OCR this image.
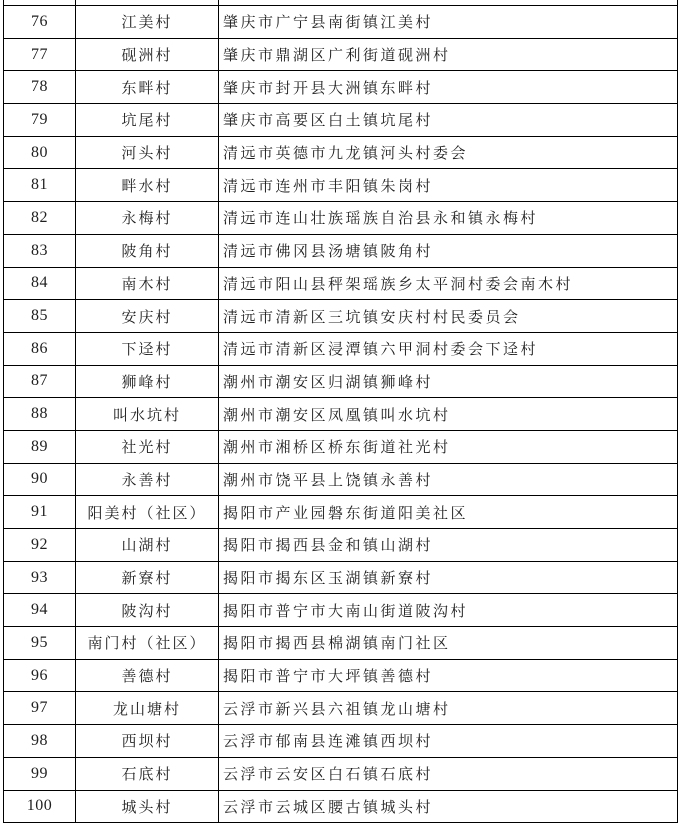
76	江美村	肇庆市广宁县南街镇江美村
77	砚洲村	肇庆市鼎湖区广利街道砚洲村
78	东畔村	肇庆市封开县大洲镇东畔村
79	坑尾村	肇庆市高要区白土镇坑尾村
80	河头村	清远市英德市九龙镇河头村委会
81	畔水村	清远市连州市丰阳镇朱岗村
82	永梅村	清远市连山壮族瑶族自治县永和镇永梅村
83	陂角村	清远市佛冈县汤塘镇陂角村
84	南木村	清远市阳山县秤架瑶族乡太平洞村委会南木村
85	安庆村	清远市清新区三坑镇安庆村村民委员会
86	下迳村	清远市清新区浸潭镇六甲洞村委会下迳村
87	狮峰村	潮州市潮安区归湖镇狮峰村
88	叫水坑村	潮州市潮安区凤凰镇叫水坑村
89	社光村	潮州市湘桥区桥东街道社光村
90	永善村	潮州市饶平县上饶镇永善村
91	阳美村（社区）	揭阳市产业园磐东街道阳美社区
92	山湖村	揭阳市揭西县金和镇山湖村
93	新寮村	揭阳市揭东区玉湖镇新寮村
94	陂沟村	揭阳市普宁市大南山街道陂沟村
95	南门村（社区）	揭阳市揭西县棉湖镇南门社区
96	善德村	揭阳市普宁市大坪镇善德村
97	龙山塘村	云浮市新兴县六祖镇龙山塘村
98	西坝村	云浮市郁南县连滩镇西坝村
99	石底村	云浮市云安区白石镇石底村
100	城头村	云浮市云城区腰古镇城头村
